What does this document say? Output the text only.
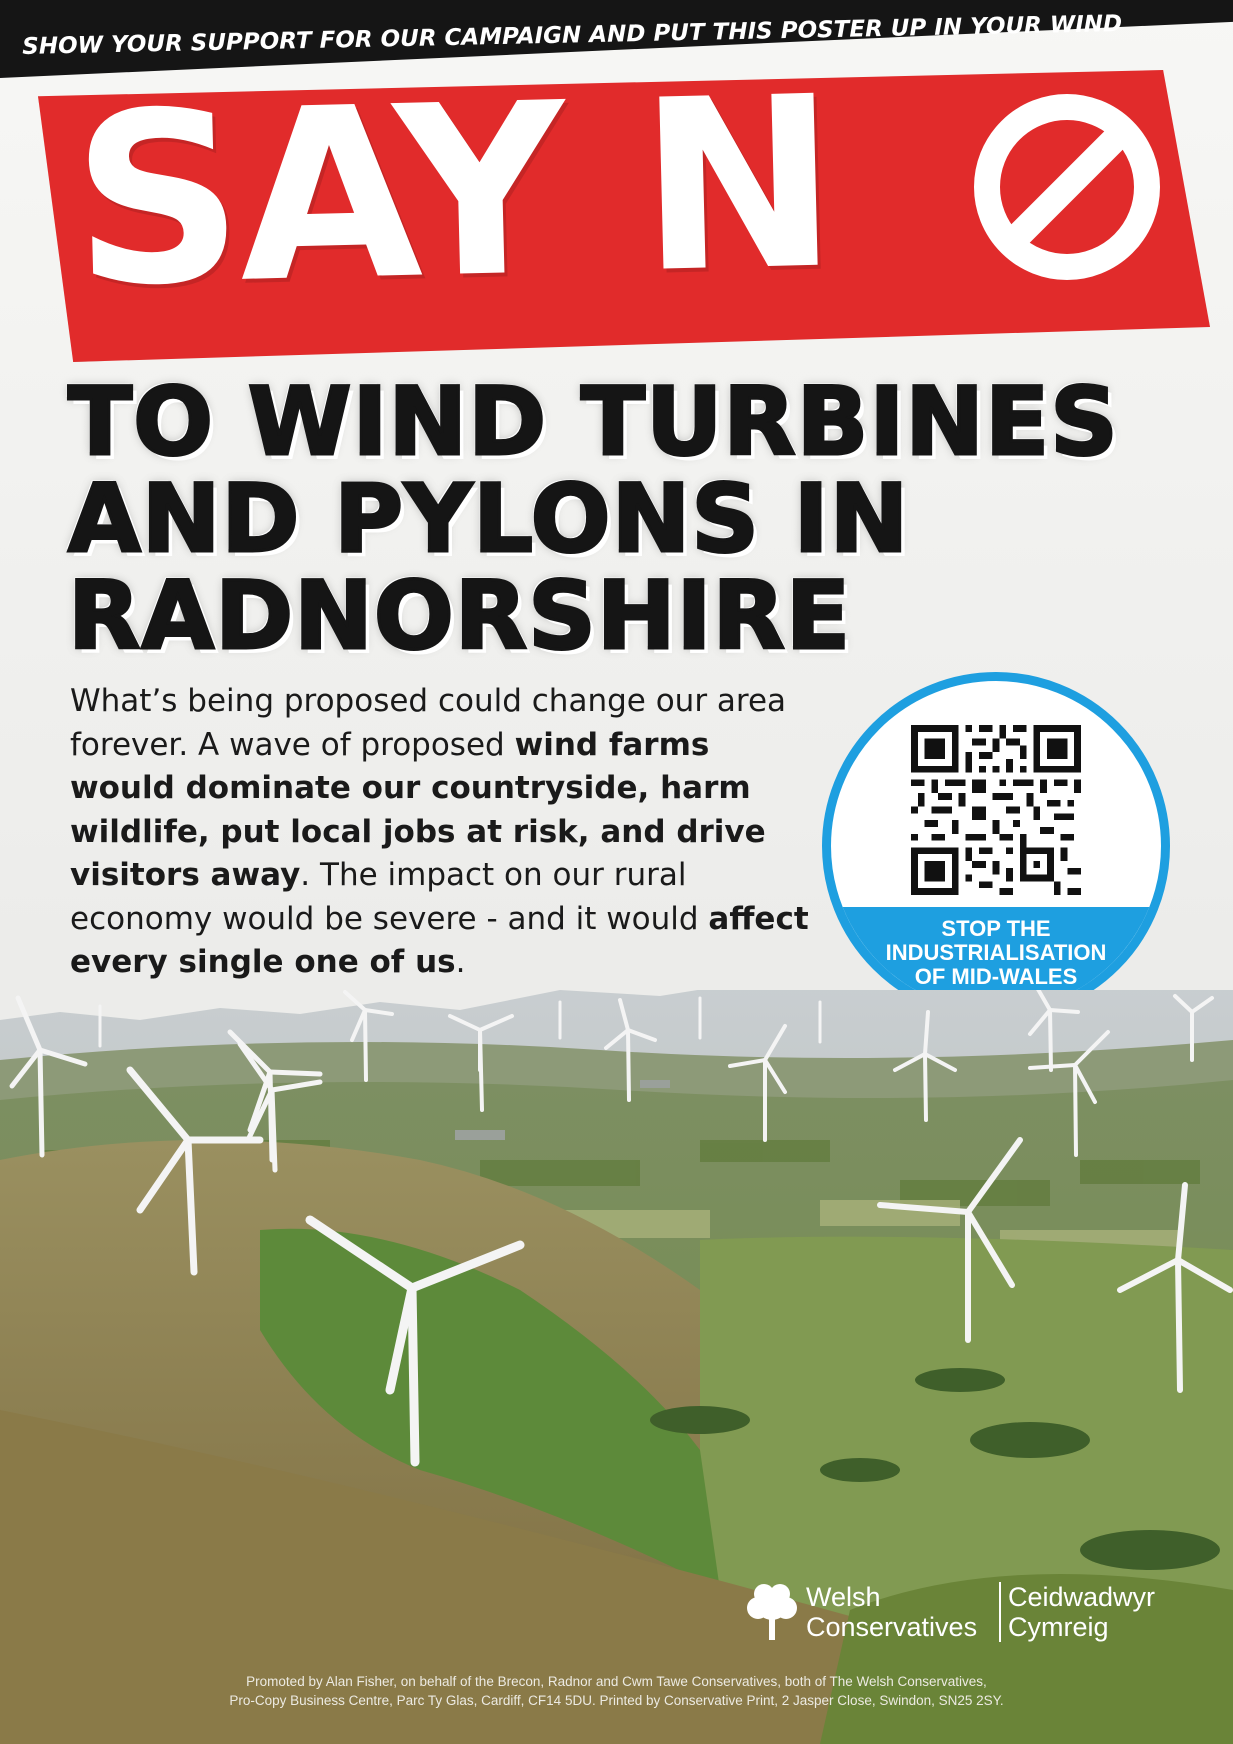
SHOW YOUR SUPPORT FOR OUR CAMPAIGN AND PUT THIS POSTER UP IN YOUR WIND
SAY N
TO WIND TURBINES
AND PYLONS IN
RADNORSHIRE
What’s being proposed could change our area forever. A wave of proposed wind farms would dominate our countryside, harm wildlife, put local jobs at risk, and drive visitors away. The impact on our rural economy would be severe - and it would affect every single one of us.
STOP THE
INDUSTRIALISATION
OF MID-WALES
Welsh
Conservatives
Ceidwadwyr
Cymreig
Promoted by Alan Fisher, on behalf of the Brecon, Radnor and Cwm Tawe Conservatives, both of The Welsh Conservatives,
Pro-Copy Business Centre, Parc Ty Glas, Cardiff, CF14 5DU. Printed by Conservative Print, 2 Jasper Close, Swindon, SN25 2SY.
